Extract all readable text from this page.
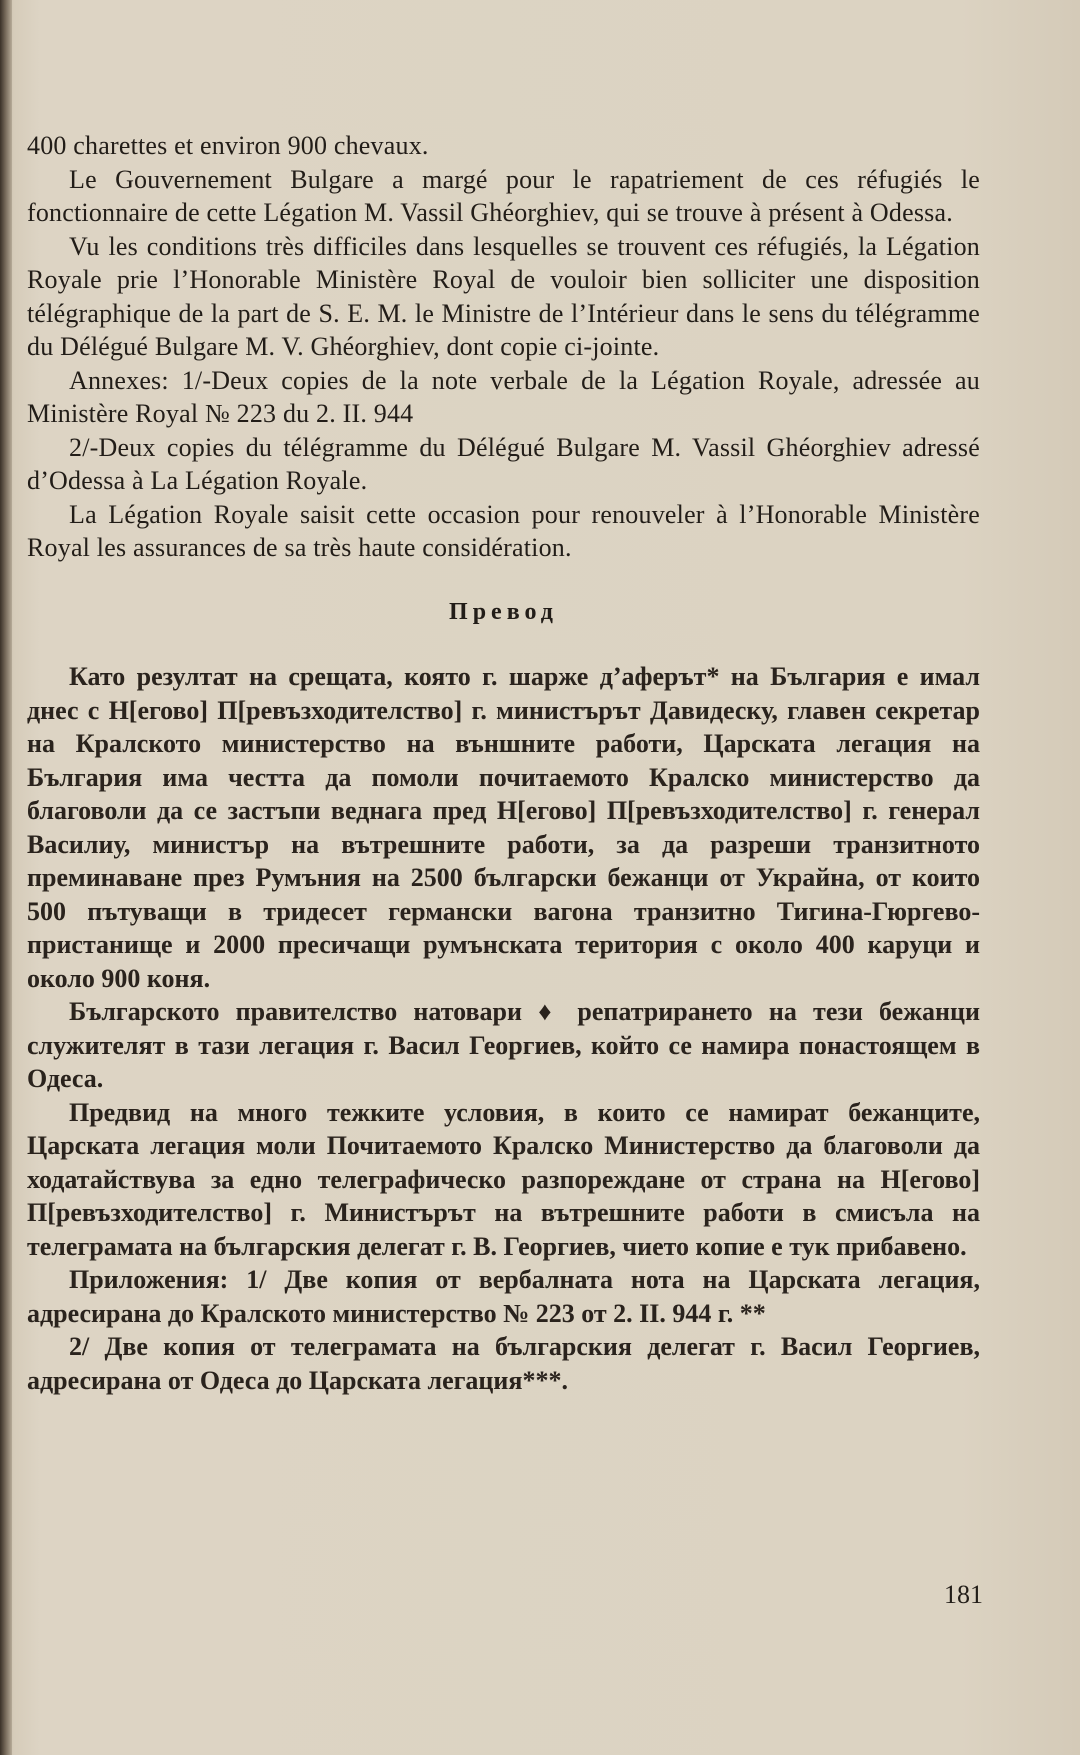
400 charettes et environ 900 chevaux.

Le Gouvernement Bulgare a margé pour le rapatriement de ces réfugiés le fonctionnaire de cette Légation M. Vassil Ghéorghiev, qui se trouve à présent à Odessa.

Vu les conditions très difficiles dans lesquelles se trouvent ces réfugiés, la Légation Royale prie l’Honorable Ministère Royal de vouloir bien solliciter une disposition télégraphique de la part de S. E. M. le Ministre de l’Intérieur dans le sens du télégramme du Délégué Bulgare M. V. Ghéorghiev, dont copie ci-jointe.

Annexes: 1/-Deux copies de la note verbale de la Légation Royale, adressée au Ministère Royal № 223 du 2. II. 944

2/-Deux copies du télégramme du Délégué Bulgare M. Vassil Ghéorghiev adressé d’Odessa à La Légation Royale.

La Légation Royale saisit cette occasion pour renouveler à l’Honorable Ministère Royal les assurances de sa très haute considération.

Превод

Като резултат на срещата, която г. шарже д’аферът* на България е имал днес с Н[егово] П[ревъзходителство] г. министърът Давидеску, главен секретар на Кралското министерство на външните работи, Царската легация на България има честта да помоли почитаемото Кралско министерство да благоволи да се застъпи веднага пред Н[егово] П[ревъзходителство] г. генерал Василиу, министър на вътрешните работи, за да разреши транзитното преминаване през Румъния на 2500 български бежанци от Украйна, от които 500 пътуващи в тридесет германски вагона транзитно Тигина-Гюргево-пристанище и 2000 пресичащи румънската територия с около 400 каруци и около 900 коня.

Българското правителство натовари ♦ репатрирането на тези бежанци служителят в тази легация г. Васил Георгиев, който се намира понастоящем в Одеса.

Предвид на много тежките условия, в които се намират бежанците, Царската легация моли Почитаемото Кралско Министерство да благоволи да ходатайствува за едно телеграфическо разпореждане от страна на Н[егово] П[ревъзходителство] г. Министърът на вътрешните работи в смисъла на телеграмата на българския делегат г. В. Георгиев, чието копие е тук прибавено.

Приложения: 1/ Две копия от вербалната нота на Царската легация, адресирана до Кралското министерство № 223 от 2. II. 944 г. **

2/ Две копия от телеграмата на българския делегат г. Васил Георгиев, адресирана от Одеса до Царската легация***.

181
